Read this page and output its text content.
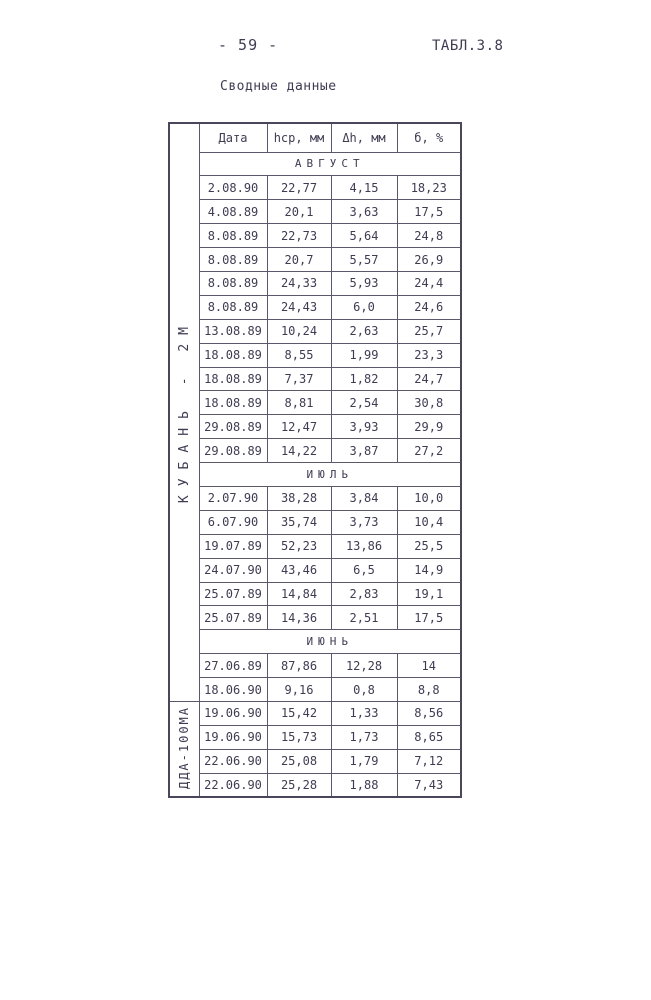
- 59 -	ТАБЛ.3.8
Сводные данные
КУБАНЬ - 2М	Дата	hср, мм	Δh, мм	б, %
	АВГУСТ			
	2.08.90	22,77	4,15	18,23
	4.08.89	20,1	3,63	17,5
	8.08.89	22,73	5,64	24,8
	8.08.89	20,7	5,57	26,9
	8.08.89	24,33	5,93	24,4
	8.08.89	24,43	6,0	24,6
	13.08.89	10,24	2,63	25,7
	18.08.89	8,55	1,99	23,3
	18.08.89	7,37	1,82	24,7
	18.08.89	8,81	2,54	30,8
	29.08.89	12,47	3,93	29,9
	29.08.89	14,22	3,87	27,2
	ИЮЛЬ			
	2.07.90	38,28	3,84	10,0
	6.07.90	35,74	3,73	10,4
	19.07.89	52,23	13,86	25,5
	24.07.90	43,46	6,5	14,9
	25.07.89	14,84	2,83	19,1
	25.07.89	14,36	2,51	17,5
	ИЮНЬ			
	27.06.89	87,86	12,28	14
	18.06.90	9,16	0,8	8,8
ДДА-100МА	19.06.90	15,42	1,33	8,56
	19.06.90	15,73	1,73	8,65
	22.06.90	25,08	1,79	7,12
	22.06.90	25,28	1,88	7,43
